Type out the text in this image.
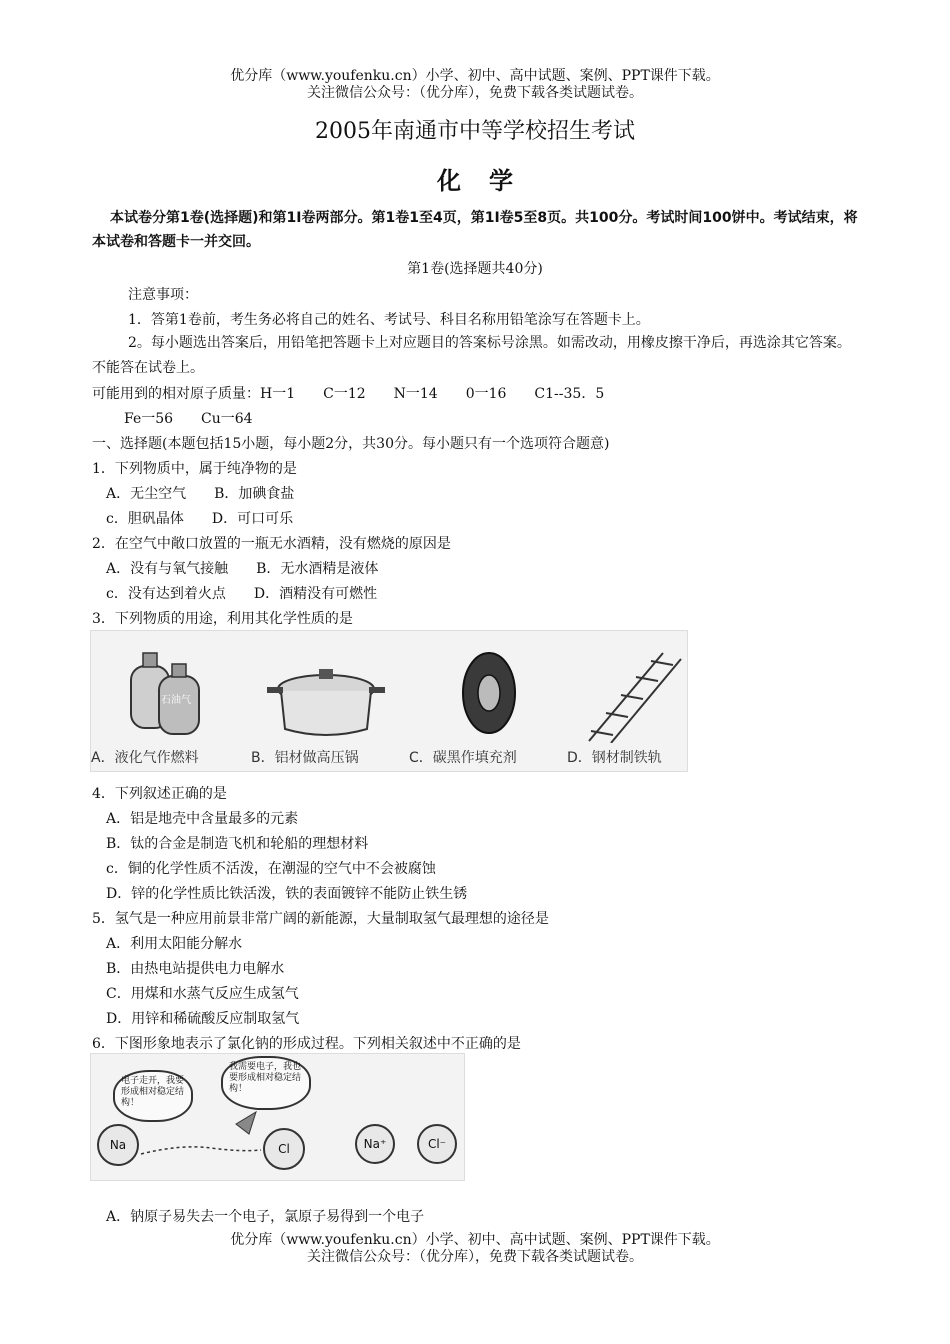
优分库（www.youfenku.cn）小学、初中、高中试题、案例、PPT课件下载。
关注微信公众号：（优分库），免费下载各类试题试卷。
2005年南通市中等学校招生考试
化学
本试卷分第1卷(选择题)和第1I卷两部分。第1卷1至4页，第1I卷5至8页。共100分。考试时间100饼中。考试结束，将本试卷和答题卡一并交回。
第1卷(选择题共40分)
注意事项：
1．答第1卷前，考生务必将自己的姓名、考试号、科目名称用铅笔涂写在答题卡上。
2。每小题选出答案后，用铅笔把答题卡上对应题目的答案标号涂黑。如需改动，用橡皮擦干净后，再选涂其它答案。不能答在试卷上。
可能用到的相对原子质量：H一1　　C一12　　N一14　　0一16　　C1--35．5
Fe一56　　Cu一64
一、选择题(本题包括15小题，每小题2分，共30分。每小题只有一个选项符合题意)
1．下列物质中，属于纯净物的是
A．无尘空气　　B．加碘食盐
c．胆矾晶体　　D．可口可乐
2．在空气中敞口放置的一瓶无水酒精，没有燃烧的原因是
A．没有与氧气接触　　B．无水酒精是液体
c．没有达到着火点　　D．酒精没有可燃性
3．下列物质的用途，利用其化学性质的是
石油气
A．液化气作燃料	B．铝材做高压锅	C．碳黑作填充剂	D．钢材制铁轨
4．下列叙述正确的是
A．铝是地壳中含量最多的元素
B．钛的合金是制造飞机和轮船的理想材料
c．铜的化学性质不活泼，在潮湿的空气中不会被腐蚀
D．锌的化学性质比铁活泼，铁的表面镀锌不能防止铁生锈
5．氢气是一种应用前景非常广阔的新能源，大量制取氢气最理想的途径是
A．利用太阳能分解水
B．由热电站提供电力电解水
C．用煤和水蒸气反应生成氢气
D．用锌和稀硫酸反应制取氢气
6．下图形象地表示了氯化钠的形成过程。下列相关叙述中不正确的是
电子走开，我要形成相对稳定结构！
我需要电子，我也要形成相对稳定结构！
Na	Cl	Na⁺	Cl⁻
A．钠原子易失去一个电子，氯原子易得到一个电子
优分库（www.youfenku.cn）小学、初中、高中试题、案例、PPT课件下载。
关注微信公众号：（优分库），免费下载各类试题试卷。
